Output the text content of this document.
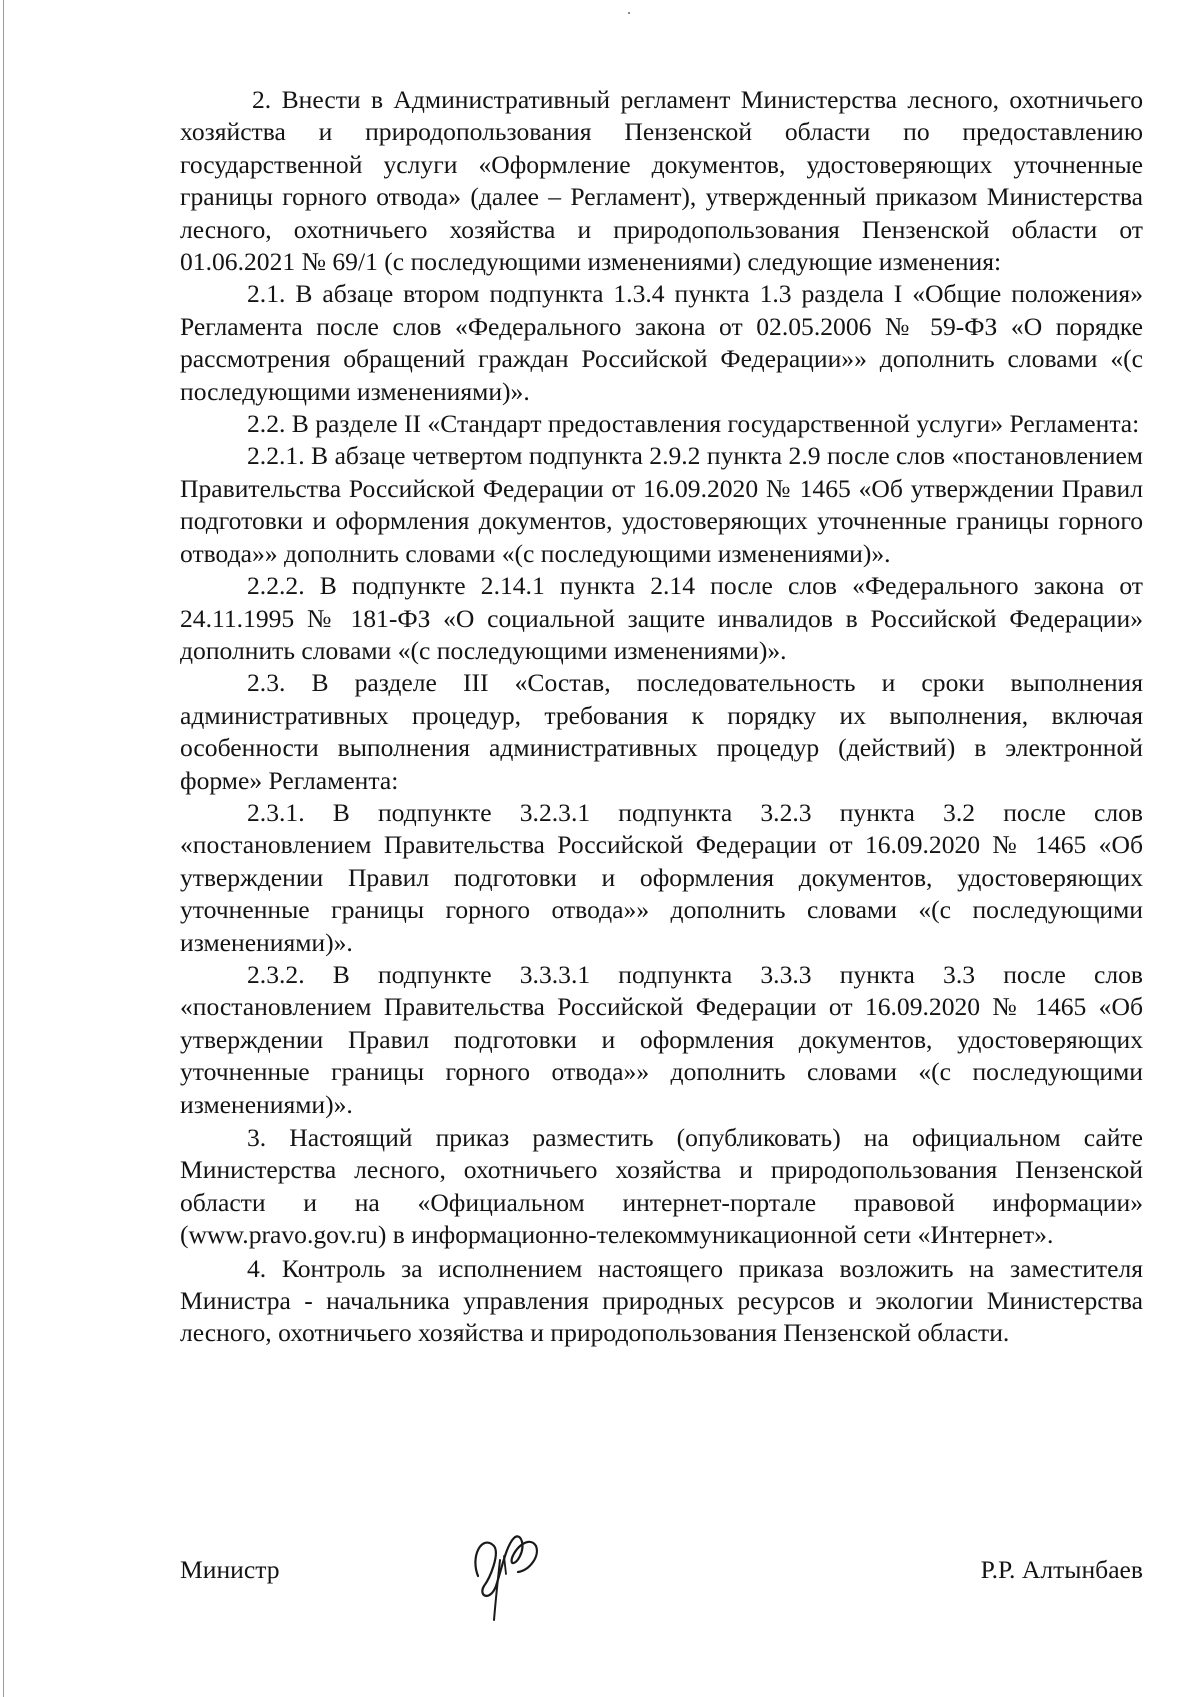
2. Внести в Административный регламент Министерства лесного, охотничьего хозяйства и природопользования Пензенской области по предоставлению государственной услуги «Оформление документов, удостоверяющих уточненные границы горного отвода» (далее – Регламент), утвержденный приказом Министерства лесного, охотничьего хозяйства и природопользования Пензенской области от 01.06.2021 № 69/1 (с последующими изменениями) следующие изменения:

2.1. В абзаце втором подпункта 1.3.4 пункта 1.3 раздела I «Общие положения» Регламента после слов «Федерального закона от 02.05.2006 № 59-ФЗ «О порядке рассмотрения обращений граждан Российской Федерации»» дополнить словами «(с последующими изменениями)».

2.2. В разделе II «Стандарт предоставления государственной услуги» Регламента:

2.2.1. В абзаце четвертом подпункта 2.9.2 пункта 2.9 после слов «постановлением Правительства Российской Федерации от 16.09.2020 № 1465 «Об утверждении Правил подготовки и оформления документов, удостоверяющих уточненные границы горного отвода»» дополнить словами «(с последующими изменениями)».

2.2.2. В подпункте 2.14.1 пункта 2.14 после слов «Федерального закона от 24.11.1995 № 181-ФЗ «О социальной защите инвалидов в Российской Федерации» дополнить словами «(с последующими изменениями)».

2.3. В разделе III «Состав, последовательность и сроки выполнения административных процедур, требования к порядку их выполнения, включая особенности выполнения административных процедур (действий) в электронной форме» Регламента:

2.3.1. В подпункте 3.2.3.1 подпункта 3.2.3 пункта 3.2 после слов «постановлением Правительства Российской Федерации от 16.09.2020 № 1465 «Об утверждении Правил подготовки и оформления документов, удостоверяющих уточненные границы горного отвода»» дополнить словами «(с последующими изменениями)».

2.3.2. В подпункте 3.3.3.1 подпункта 3.3.3 пункта 3.3 после слов «постановлением Правительства Российской Федерации от 16.09.2020 № 1465 «Об утверждении Правил подготовки и оформления документов, удостоверяющих уточненные границы горного отвода»» дополнить словами «(с последующими изменениями)».

3. Настоящий приказ разместить (опубликовать) на официальном сайте Министерства лесного, охотничьего хозяйства и природопользования Пензенской области и на «Официальном интернет-портале правовой информации» (www.pravo.gov.ru) в информационно-телекоммуникационной сети «Интернет».

4. Контроль за исполнением настоящего приказа возложить на заместителя Министра - начальника управления природных ресурсов и экологии Министерства лесного, охотничьего хозяйства и природопользования Пензенской области.

Министр	Р.Р. Алтынбаев
